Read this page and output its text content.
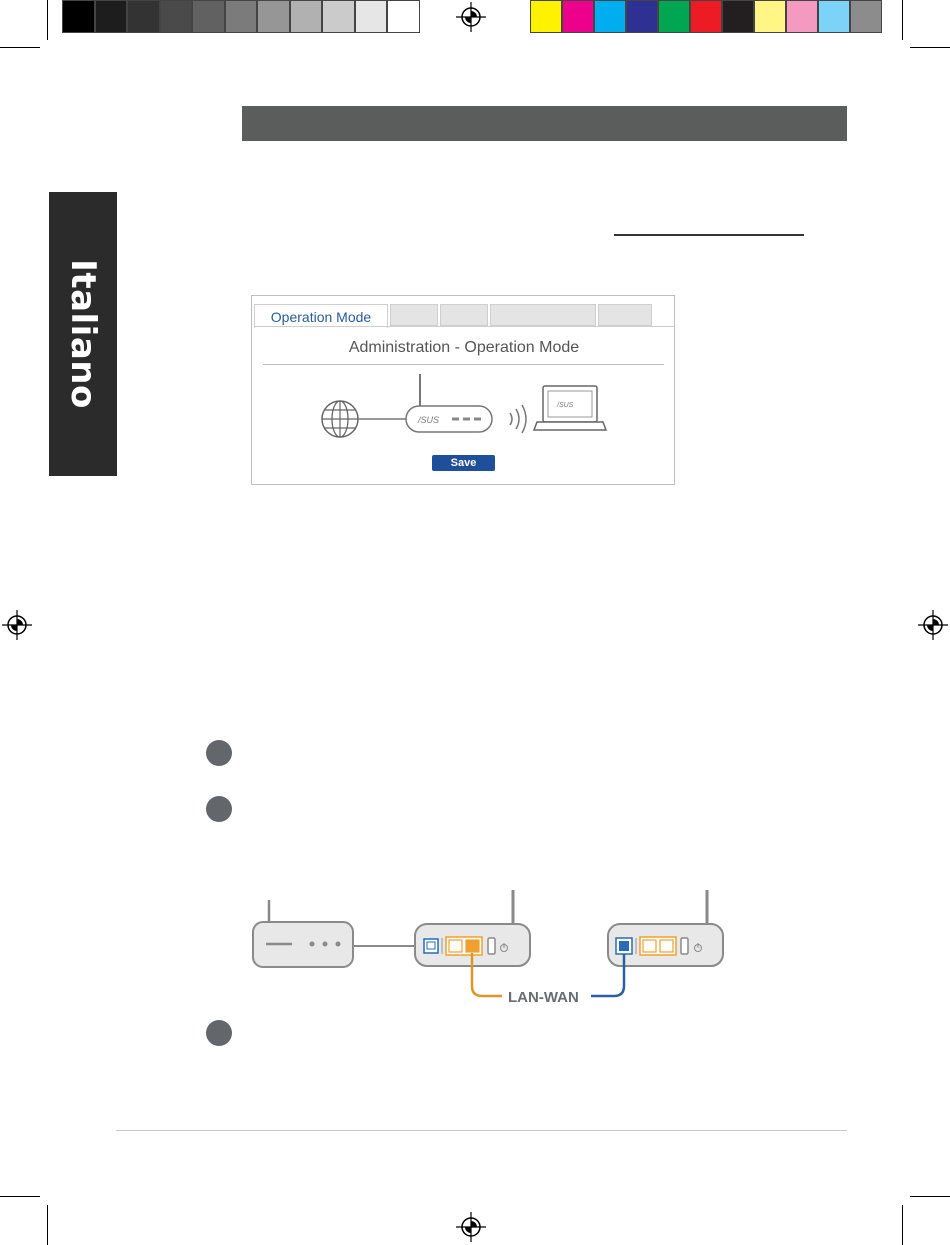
Italiano	Operation Mode
Administration - Operation Mode
/SUS
/SUS
Save
LAN-WAN
